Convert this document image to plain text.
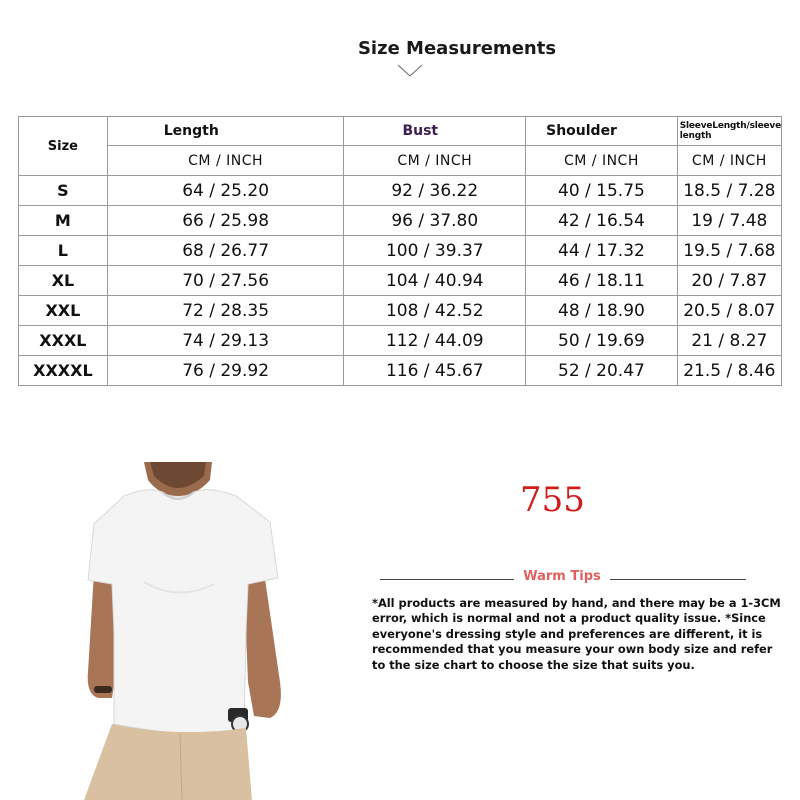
Size Measurements
Size	Length	Bust	Shoulder	SleeveLength/sleeve length
	CM / INCH	CM / INCH	CM / INCH	CM / INCH
S	64 / 25.20	92 / 36.22	40 / 15.75	18.5 / 7.28
M	66 / 25.98	96 / 37.80	42 / 16.54	19 / 7.48
L	68 / 26.77	100 / 39.37	44 / 17.32	19.5 / 7.68
XL	70 / 27.56	104 / 40.94	46 / 18.11	20 / 7.87
XXL	72 / 28.35	108 / 42.52	48 / 18.90	20.5 / 8.07
XXXL	74 / 29.13	112 / 44.09	50 / 19.69	21 / 8.27
XXXXL	76 / 29.92	116 / 45.67	52 / 20.47	21.5 / 8.46
755
Warm Tips
*All products are measured by hand, and there may be a 1-3CM error, which is normal and not a product quality issue. *Since everyone's dressing style and preferences are different, it is recommended that you measure your own body size and refer to the size chart to choose the size that suits you.
